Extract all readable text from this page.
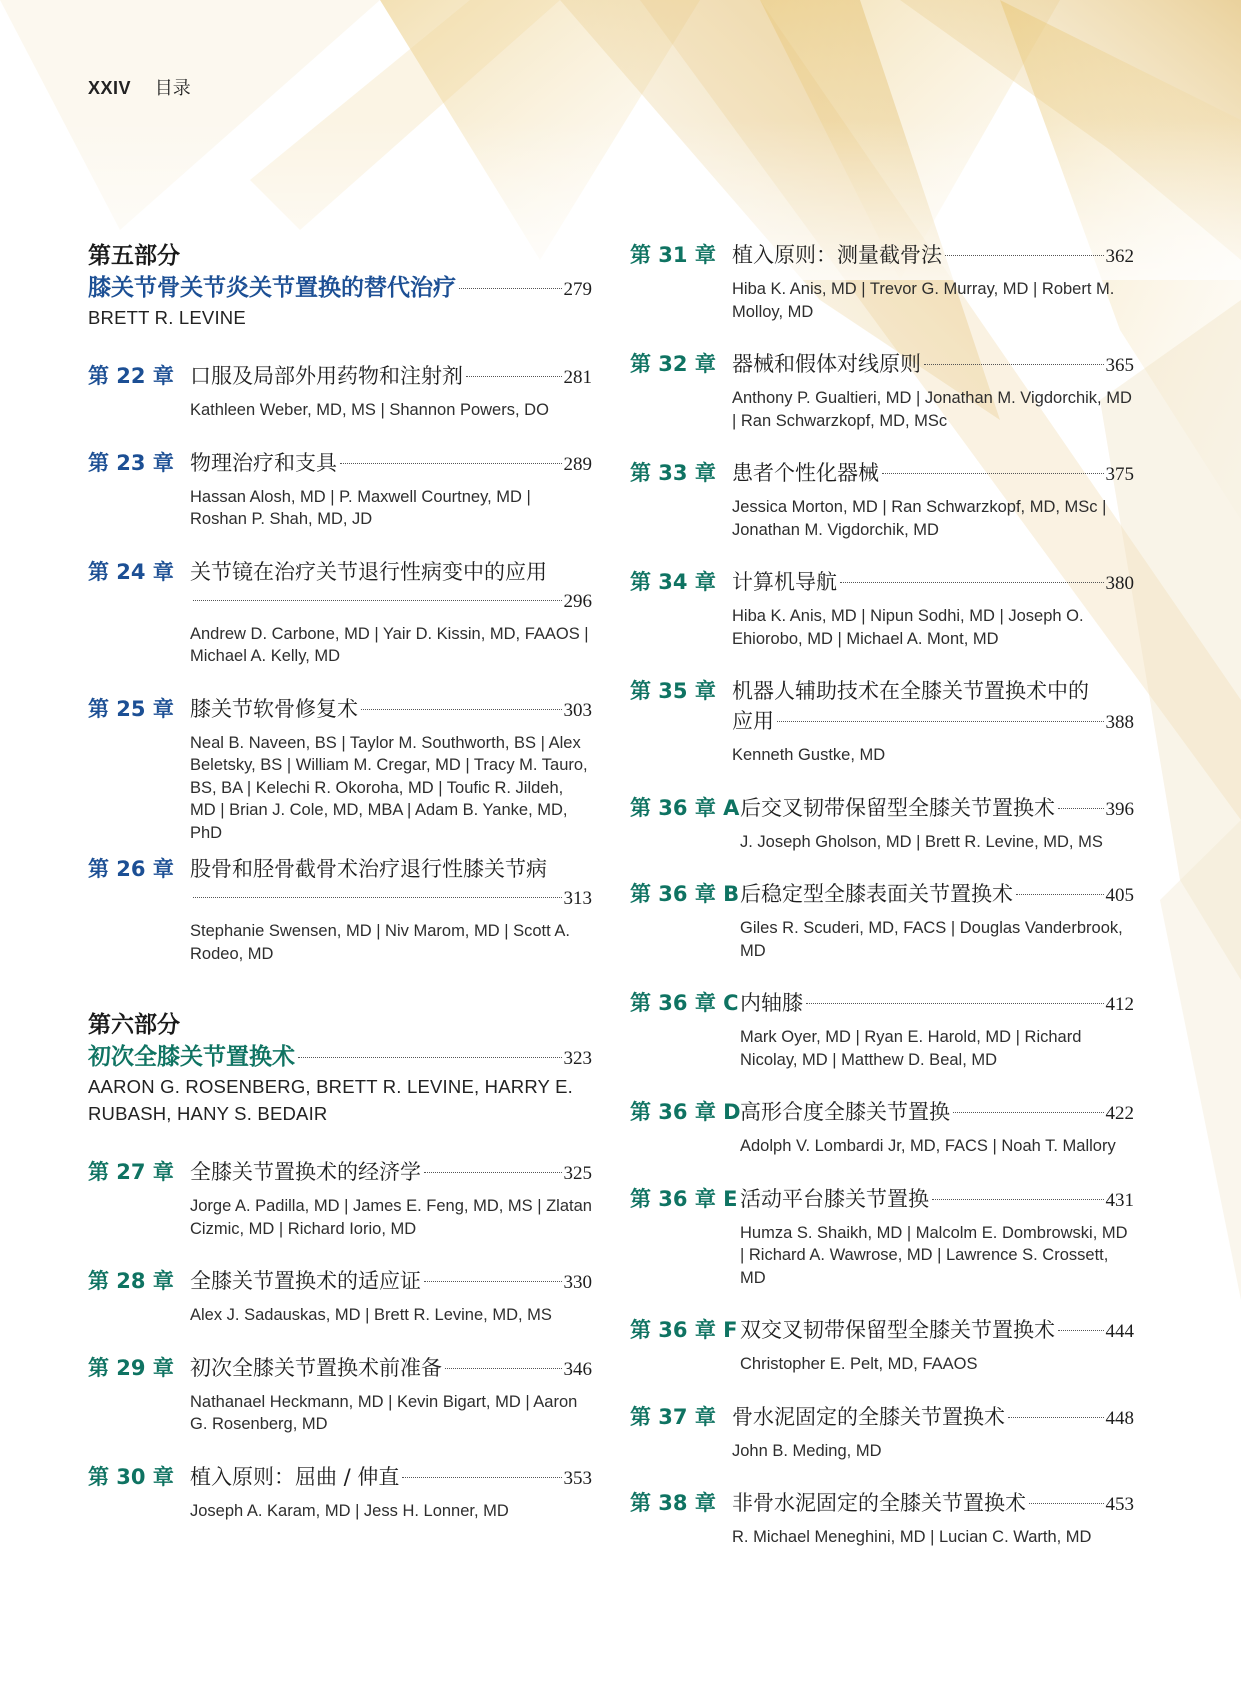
XXIV 目录
第五部分
膝关节骨关节炎关节置换的替代治疗	279
BRETT R. LEVINE
第 22 章 口服及局部外用药物和注射剂	281
Kathleen Weber, MD, MS | Shannon Powers, DO
第 23 章 物理治疗和支具	289
Hassan Alosh, MD | P. Maxwell Courtney, MD | Roshan P. Shah, MD, JD
第 24 章 关节镜在治疗关节退行性病变中的应用
296
Andrew D. Carbone, MD | Yair D. Kissin, MD, FAAOS | Michael A. Kelly, MD
第 25 章 膝关节软骨修复术	303
Neal B. Naveen, BS | Taylor M. Southworth, BS | Alex Beletsky, BS | William M. Cregar, MD | Tracy M. Tauro, BS, BA | Kelechi R. Okoroha, MD | Toufic R. Jildeh, MD | Brian J. Cole, MD, MBA | Adam B. Yanke, MD, PhD
第 26 章 股骨和胫骨截骨术治疗退行性膝关节病
313
Stephanie Swensen, MD | Niv Marom, MD | Scott A. Rodeo, MD
第六部分
初次全膝关节置换术	323
AARON G. ROSENBERG, BRETT R. LEVINE, HARRY E. RUBASH, HANY S. BEDAIR
第 27 章 全膝关节置换术的经济学	325
Jorge A. Padilla, MD | James E. Feng, MD, MS | Zlatan Cizmic, MD | Richard Iorio, MD
第 28 章 全膝关节置换术的适应证	330
Alex J. Sadauskas, MD | Brett R. Levine, MD, MS
第 29 章 初次全膝关节置换术前准备	346
Nathanael Heckmann, MD | Kevin Bigart, MD | Aaron G. Rosenberg, MD
第 30 章 植入原则：屈曲 / 伸直	353
Joseph A. Karam, MD | Jess H. Lonner, MD
第 31 章 植入原则：测量截骨法	362
Hiba K. Anis, MD | Trevor G. Murray, MD | Robert M. Molloy, MD
第 32 章 器械和假体对线原则	365
Anthony P. Gualtieri, MD | Jonathan M. Vigdorchik, MD | Ran Schwarzkopf, MD, MSc
第 33 章 患者个性化器械	375
Jessica Morton, MD | Ran Schwarzkopf, MD, MSc | Jonathan M. Vigdorchik, MD
第 34 章 计算机导航	380
Hiba K. Anis, MD | Nipun Sodhi, MD | Joseph O. Ehiorobo, MD | Michael A. Mont, MD
第 35 章 机器人辅助技术在全膝关节置换术中的
应用	388
Kenneth Gustke, MD
第 36 章 A 后交叉韧带保留型全膝关节置换术	396
J. Joseph Gholson, MD | Brett R. Levine, MD, MS
第 36 章 B 后稳定型全膝表面关节置换术	405
Giles R. Scuderi, MD, FACS | Douglas Vanderbrook, MD
第 36 章 C 内轴膝	412
Mark Oyer, MD | Ryan E. Harold, MD | Richard Nicolay, MD | Matthew D. Beal, MD
第 36 章 D 高形合度全膝关节置换	422
Adolph V. Lombardi Jr, MD, FACS | Noah T. Mallory
第 36 章 E 活动平台膝关节置换	431
Humza S. Shaikh, MD | Malcolm E. Dombrowski, MD | Richard A. Wawrose, MD | Lawrence S. Crossett, MD
第 36 章 F 双交叉韧带保留型全膝关节置换术	444
Christopher E. Pelt, MD, FAAOS
第 37 章 骨水泥固定的全膝关节置换术	448
John B. Meding, MD
第 38 章 非骨水泥固定的全膝关节置换术	453
R. Michael Meneghini, MD | Lucian C. Warth, MD
